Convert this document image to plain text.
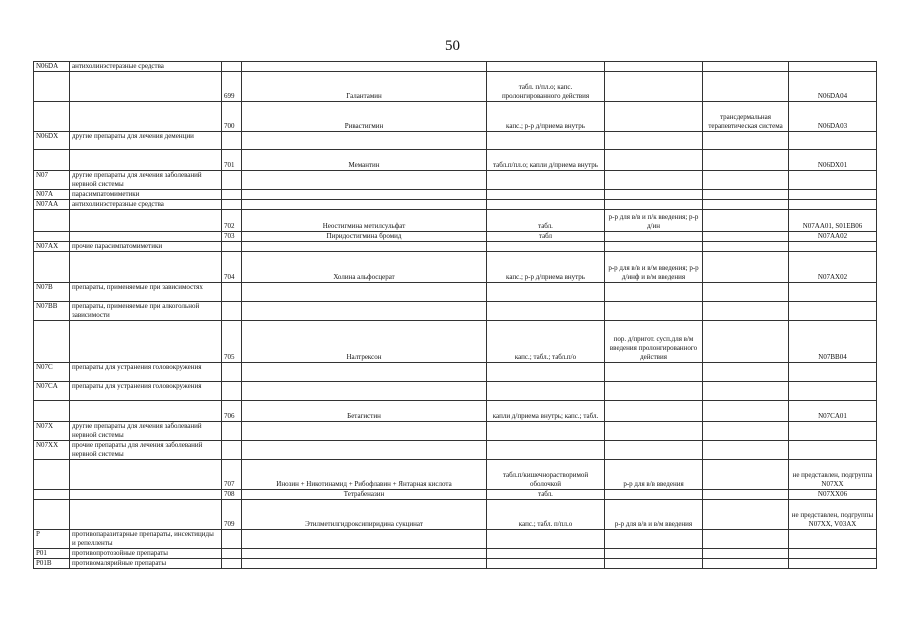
50
N06DA	антихолинэстеразные средства						
		699	Галантамин	табл. п/пл.о; капс. пролонгированного действия			N06DA04
		700	Ривастигмин	капс.; р-р д/приема внутрь		трансдермальная терапевтическая система	N06DA03
N06DX	другие препараты для лечения деменции						
		701	Мемантин	табл.п/пл.о; капли д/приема внутрь			N06DX01
N07	другие препараты для лечения заболеваний нервной системы						
N07A	парасимпатомиметики						
N07AA	антихолинэстеразные средства						
		702	Неостигмина метилсульфат	табл.	р-р для в/в и п/к введения; р-р д/ин		N07AA01, S01EB06
		703	Пиридостигмина бромид	табл			N07AA02
N07AX	прочие парасимпатомиметики						
		704	Холина альфосцерат	капс.; р-р д/приема внутрь	р-р для в/в и в/м введения; р-р д/инф и в/м введения		N07AX02
N07B	препараты, применяемые при зависимостях						
N07BB	препараты, применяемые при алкогольной зависимости						
		705	Налтрексон	капс.; табл.; табл.п/о	пор. д/пригот. сусп.для в/м введения пролонгированного действия		N07BB04
N07C	препараты для устранения головокружения						
N07CA	препараты для устранения головокружения						
		706	Бетагистин	капли д/приема внутрь; капс.; табл.			N07CA01
N07X	другие препараты для лечения заболеваний нервной системы						
N07XX	прочие препараты для лечения заболеваний нервной системы						
		707	Инозин + Никотинамид + Рибофлавин + Янтарная кислота	табл.п/кишечнорастворимой оболочкой	р-р для в/в введения		не представлен, подгруппа N07XX
		708	Тетрабеназин	табл.			N07XX06
		709	Этилметилгидроксипиридина сукцинат	капс.; табл. п/пл.о	р-р для в/в и в/м введения		не представлен, подгруппы N07XX, V03AX
P	противопаразитарные препараты, инсектициды и репелленты						
P01	противопротозойные препараты						
P01B	противомалярийные препараты						
